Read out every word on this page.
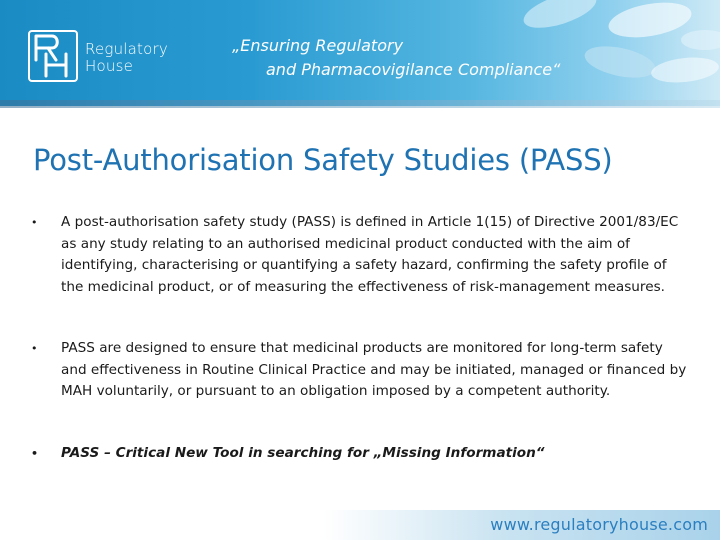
Regulatory
House
„Ensuring Regulatory
and Pharmacovigilance Compliance“
Post-Authorisation Safety Studies (PASS)
•	A post-authorisation safety study (PASS) is defined in Article 1(15) of Directive 2001/83/EC as any study relating to an authorised medicinal product conducted with the aim of identifying, characterising or quantifying a safety hazard, confirming the safety profile of the medicinal product, or of measuring the effectiveness of risk-management measures.
•	PASS are designed to ensure that medicinal products are monitored for long-term safety and effectiveness in Routine Clinical Practice and may be initiated, managed or financed by MAH voluntarily, or pursuant to an obligation imposed by a competent authority.
•	PASS – Critical New Tool in searching for „Missing Information“
www.regulatoryhouse.com
